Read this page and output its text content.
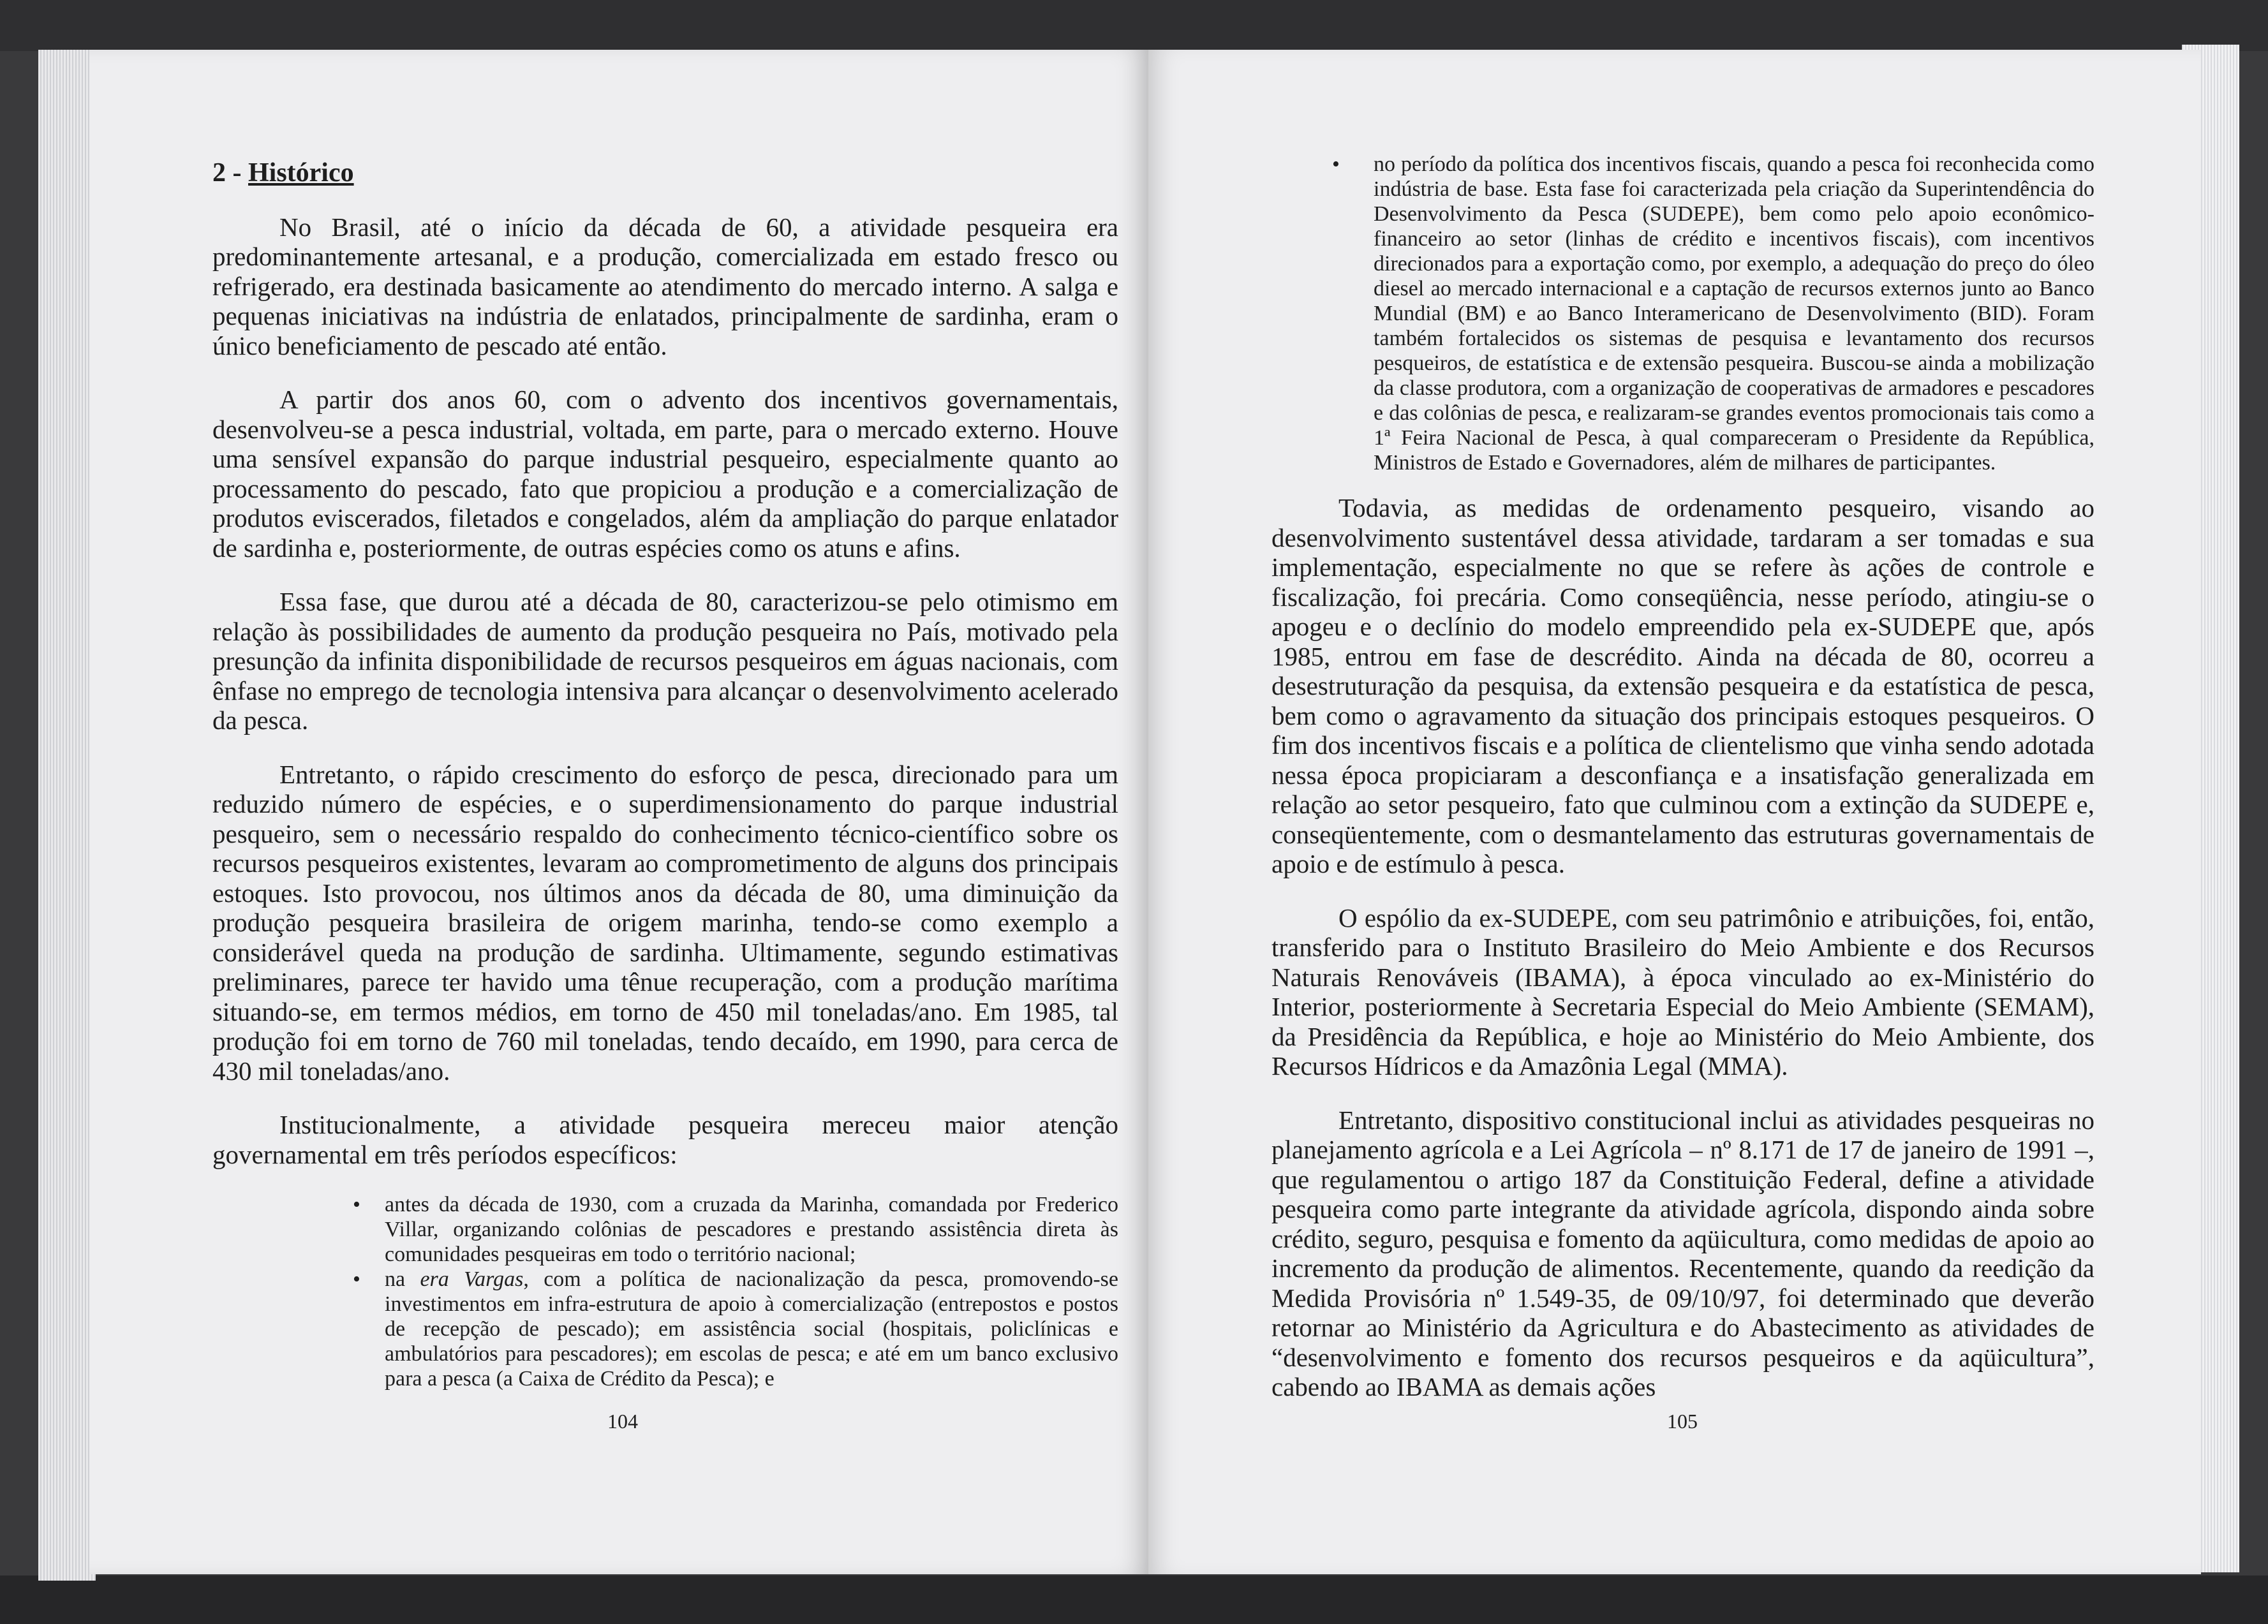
2 - Histórico

No Brasil, até o início da década de 60, a atividade pesqueira era predominantemente artesanal, e a produção, comercializada em estado fresco ou refrigerado, era destinada basicamente ao atendimento do mercado interno. A salga e pequenas iniciativas na indústria de enlatados, principalmente de sardinha, eram o único beneficiamento de pescado até então.

A partir dos anos 60, com o advento dos incentivos governamentais, desenvolveu-se a pesca industrial, voltada, em parte, para o mercado externo. Houve uma sensível expansão do parque industrial pesqueiro, especialmente quanto ao processamento do pescado, fato que propiciou a produção e a comercialização de produtos eviscerados, filetados e congelados, além da ampliação do parque enlatador de sardinha e, posteriormente, de outras espécies como os atuns e afins.

Essa fase, que durou até a década de 80, caracterizou-se pelo otimismo em relação às possibilidades de aumento da produção pesqueira no País, motivado pela presunção da infinita disponibilidade de recursos pesqueiros em águas nacionais, com ênfase no emprego de tecnologia intensiva para alcançar o desenvolvimento acelerado da pesca.

Entretanto, o rápido crescimento do esforço de pesca, direcionado para um reduzido número de espécies, e o superdimensionamento do parque industrial pesqueiro, sem o necessário respaldo do conhecimento técnico-científico sobre os recursos pesqueiros existentes, levaram ao comprometimento de alguns dos principais estoques. Isto provocou, nos últimos anos da década de 80, uma diminuição da produção pesqueira brasileira de origem marinha, tendo-se como exemplo a considerável queda na produção de sardinha. Ultimamente, segundo estimativas preliminares, parece ter havido uma tênue recuperação, com a produção marítima situando-se, em termos médios, em torno de 450 mil toneladas/ano. Em 1985, tal produção foi em torno de 760 mil toneladas, tendo decaído, em 1990, para cerca de 430 mil toneladas/ano.

Institucionalmente, a atividade pesqueira mereceu maior atenção governamental em três períodos específicos:

• antes da década de 1930, com a cruzada da Marinha, comandada por Frederico Villar, organizando colônias de pescadores e prestando assistência direta às comunidades pesqueiras em todo o território nacional;
• na era Vargas, com a política de nacionalização da pesca, promovendo-se investimentos em infra-estrutura de apoio à comercialização (entrepostos e postos de recepção de pescado); em assistência social (hospitais, policlínicas e ambulatórios para pescadores); em escolas de pesca; e até em um banco exclusivo para a pesca (a Caixa de Crédito da Pesca); e
104
• no período da política dos incentivos fiscais, quando a pesca foi reconhecida como indústria de base. Esta fase foi caracterizada pela criação da Superintendência do Desenvolvimento da Pesca (SUDEPE), bem como pelo apoio econômico-financeiro ao setor (linhas de crédito e incentivos fiscais), com incentivos direcionados para a exportação como, por exemplo, a adequação do preço do óleo diesel ao mercado internacional e a captação de recursos externos junto ao Banco Mundial (BM) e ao Banco Interamericano de Desenvolvimento (BID). Foram também fortalecidos os sistemas de pesquisa e levantamento dos recursos pesqueiros, de estatística e de extensão pesqueira. Buscou-se ainda a mobilização da classe produtora, com a organização de cooperativas de armadores e pescadores e das colônias de pesca, e realizaram-se grandes eventos promocionais tais como a 1ª Feira Nacional de Pesca, à qual compareceram o Presidente da República, Ministros de Estado e Governadores, além de milhares de participantes.

Todavia, as medidas de ordenamento pesqueiro, visando ao desenvolvimento sustentável dessa atividade, tardaram a ser tomadas e sua implementação, especialmente no que se refere às ações de controle e fiscalização, foi precária. Como conseqüência, nesse período, atingiu-se o apogeu e o declínio do modelo empreendido pela ex-SUDEPE que, após 1985, entrou em fase de descrédito. Ainda na década de 80, ocorreu a desestruturação da pesquisa, da extensão pesqueira e da estatística de pesca, bem como o agravamento da situação dos principais estoques pesqueiros. O fim dos incentivos fiscais e a política de clientelismo que vinha sendo adotada nessa época propiciaram a desconfiança e a insatisfação generalizada em relação ao setor pesqueiro, fato que culminou com a extinção da SUDEPE e, conseqüentemente, com o desmantelamento das estruturas governamentais de apoio e de estímulo à pesca.

O espólio da ex-SUDEPE, com seu patrimônio e atribuições, foi, então, transferido para o Instituto Brasileiro do Meio Ambiente e dos Recursos Naturais Renováveis (IBAMA), à época vinculado ao ex-Ministério do Interior, posteriormente à Secretaria Especial do Meio Ambiente (SEMAM), da Presidência da República, e hoje ao Ministério do Meio Ambiente, dos Recursos Hídricos e da Amazônia Legal (MMA).

Entretanto, dispositivo constitucional inclui as atividades pesqueiras no planejamento agrícola e a Lei Agrícola – nº 8.171 de 17 de janeiro de 1991 –, que regulamentou o artigo 187 da Constituição Federal, define a atividade pesqueira como parte integrante da atividade agrícola, dispondo ainda sobre crédito, seguro, pesquisa e fomento da aqüicultura, como medidas de apoio ao incremento da produção de alimentos. Recentemente, quando da reedição da Medida Provisória nº 1.549-35, de 09/10/97, foi determinado que deverão retornar ao Ministério da Agricultura e do Abastecimento as atividades de “desenvolvimento e fomento dos recursos pesqueiros e da aqüicultura”, cabendo ao IBAMA as demais ações

105
